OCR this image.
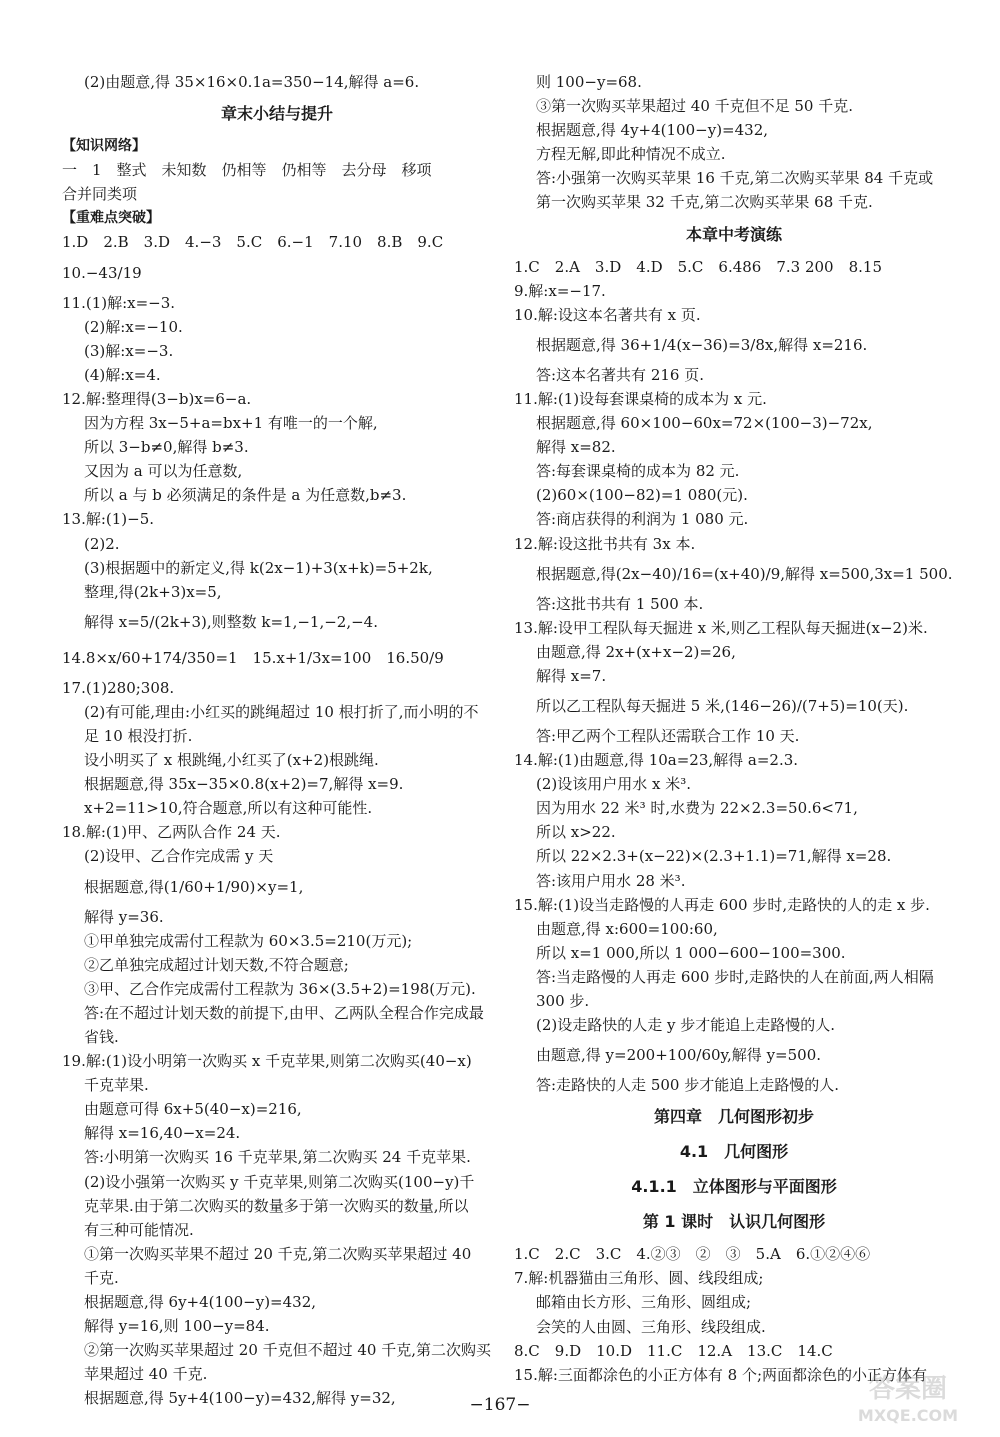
(2)由题意,得 35×16×0.1a=350−14,解得 a=6.
章末小结与提升
【知识网络】
一　1　整式　未知数　仍相等　仍相等　去分母　移项
合并同类项
【重难点突破】
1.D　2.B　3.D　4.−3　5.C　6.−1　7.10　8.B　9.C
10.−43/19
11.(1)解:x=−3.
(2)解:x=−10.
(3)解:x=−3.
(4)解:x=4.
12.解:整理得(3−b)x=6−a.
因为方程 3x−5+a=bx+1 有唯一的一个解,
所以 3−b≠0,解得 b≠3.
又因为 a 可以为任意数,
所以 a 与 b 必须满足的条件是 a 为任意数,b≠3.
13.解:(1)−5.
(2)2.
(3)根据题中的新定义,得 k(2x−1)+3(x+k)=5+2k,
整理,得(2k+3)x=5,
解得 x=5/(2k+3),则整数 k=1,−1,−2,−4.
14.8×x/60+174/350=1　15.x+1/3x=100　16.50/9
17.(1)280;308.
(2)有可能,理由:小红买的跳绳超过 10 根打折了,而小明的不
足 10 根没打折.
设小明买了 x 根跳绳,小红买了(x+2)根跳绳.
根据题意,得 35x−35×0.8(x+2)=7,解得 x=9.
x+2=11>10,符合题意,所以有这种可能性.
18.解:(1)甲、乙两队合作 24 天.
(2)设甲、乙合作完成需 y 天
根据题意,得(1/60+1/90)×y=1,
解得 y=36.
①甲单独完成需付工程款为 60×3.5=210(万元);
②乙单独完成超过计划天数,不符合题意;
③甲、乙合作完成需付工程款为 36×(3.5+2)=198(万元).
答:在不超过计划天数的前提下,由甲、乙两队全程合作完成最
省钱.
19.解:(1)设小明第一次购买 x 千克苹果,则第二次购买(40−x)
千克苹果.
由题意可得 6x+5(40−x)=216,
解得 x=16,40−x=24.
答:小明第一次购买 16 千克苹果,第二次购买 24 千克苹果.
(2)设小强第一次购买 y 千克苹果,则第二次购买(100−y)千
克苹果.由于第二次购买的数量多于第一次购买的数量,所以
有三种可能情况.
①第一次购买苹果不超过 20 千克,第二次购买苹果超过 40
千克.
根据题意,得 6y+4(100−y)=432,
解得 y=16,则 100−y=84.
②第一次购买苹果超过 20 千克但不超过 40 千克,第二次购买
苹果超过 40 千克.
根据题意,得 5y+4(100−y)=432,解得 y=32,
则 100−y=68.
③第一次购买苹果超过 40 千克但不足 50 千克.
根据题意,得 4y+4(100−y)=432,
方程无解,即此种情况不成立.
答:小强第一次购买苹果 16 千克,第二次购买苹果 84 千克或
第一次购买苹果 32 千克,第二次购买苹果 68 千克.
本章中考演练
1.C　2.A　3.D　4.D　5.C　6.486　7.3 200　8.15
9.解:x=−17.
10.解:设这本名著共有 x 页.
根据题意,得 36+1/4(x−36)=3/8x,解得 x=216.
答:这本名著共有 216 页.
11.解:(1)设每套课桌椅的成本为 x 元.
根据题意,得 60×100−60x=72×(100−3)−72x,
解得 x=82.
答:每套课桌椅的成本为 82 元.
(2)60×(100−82)=1 080(元).
答:商店获得的利润为 1 080 元.
12.解:设这批书共有 3x 本.
根据题意,得(2x−40)/16=(x+40)/9,解得 x=500,3x=1 500.
答:这批书共有 1 500 本.
13.解:设甲工程队每天掘进 x 米,则乙工程队每天掘进(x−2)米.
由题意,得 2x+(x+x−2)=26,
解得 x=7.
所以乙工程队每天掘进 5 米,(146−26)/(7+5)=10(天).
答:甲乙两个工程队还需联合工作 10 天.
14.解:(1)由题意,得 10a=23,解得 a=2.3.
(2)设该用户用水 x 米³.
因为用水 22 米³ 时,水费为 22×2.3=50.6<71,
所以 x>22.
所以 22×2.3+(x−22)×(2.3+1.1)=71,解得 x=28.
答:该用户用水 28 米³.
15.解:(1)设当走路慢的人再走 600 步时,走路快的人的走 x 步.
由题意,得 x:600=100:60,
所以 x=1 000,所以 1 000−600−100=300.
答:当走路慢的人再走 600 步时,走路快的人在前面,两人相隔
300 步.
(2)设走路快的人走 y 步才能追上走路慢的人.
由题意,得 y=200+100/60y,解得 y=500.
答:走路快的人走 500 步才能追上走路慢的人.
第四章　几何图形初步
4.1　几何图形
4.1.1　立体图形与平面图形
第 1 课时　认识几何图形
1.C　2.C　3.C　4.②③　②　③　5.A　6.①②④⑥
7.解:机器猫由三角形、圆、线段组成;
邮箱由长方形、三角形、圆组成;
会笑的人由圆、三角形、线段组成.
8.C　9.D　10.D　11.C　12.A　13.C　14.C
15.解:三面都涂色的小正方体有 8 个;两面都涂色的小正方体有
−167−
答案圈
MXQE.COM
